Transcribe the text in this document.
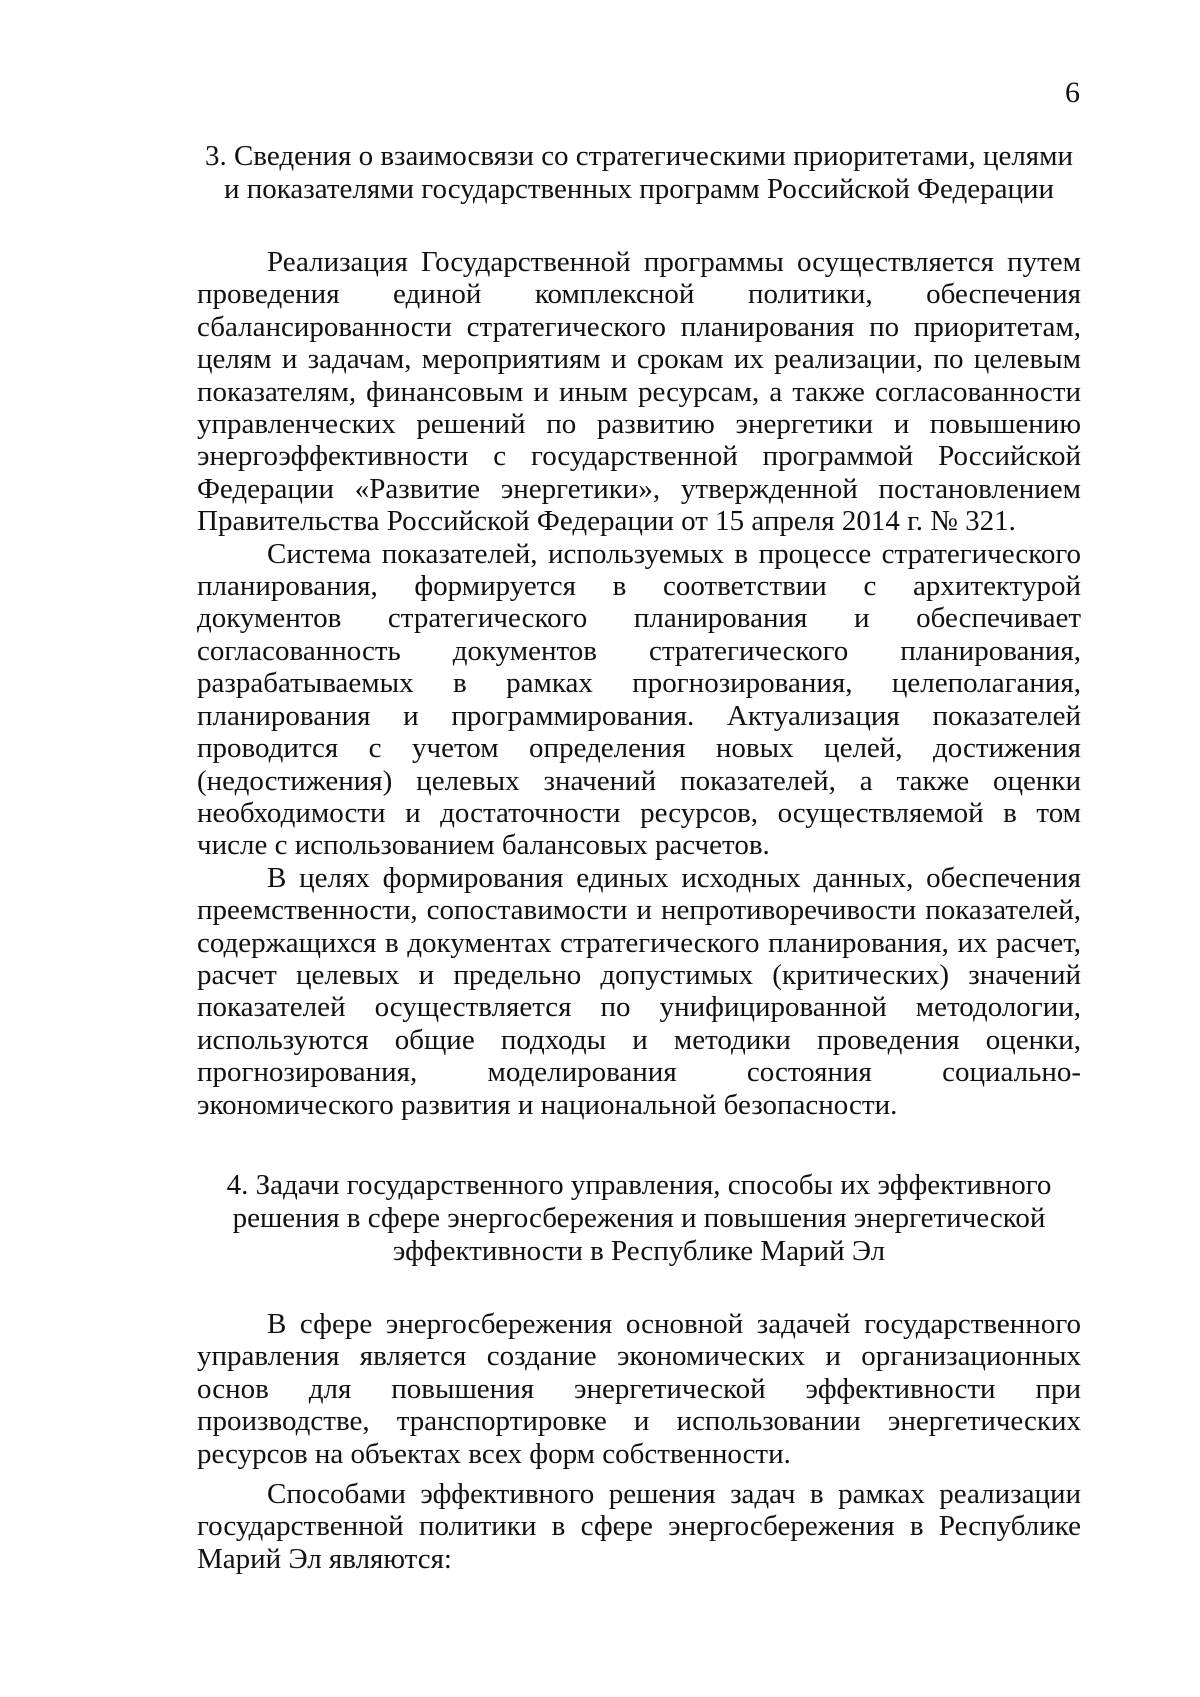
6
3. Сведения о взаимосвязи со стратегическими приоритетами, целями и показателями государственных программ Российской Федерации

Реализация Государственной программы осуществляется путем проведения единой комплексной политики, обеспечения сбалансированности стратегического планирования по приоритетам, целям и задачам, мероприятиям и срокам их реализации, по целевым показателям, финансовым и иным ресурсам, а также согласованности управленческих решений по развитию энергетики и повышению энергоэффективности с государственной программой Российской Федерации «Развитие энергетики», утвержденной постановлением Правительства Российской Федерации от 15 апреля 2014 г. № 321.

Система показателей, используемых в процессе стратегического планирования, формируется в соответствии с архитектурой документов стратегического планирования и обеспечивает согласованность документов стратегического планирования, разрабатываемых в рамках прогнозирования, целеполагания, планирования и программирования. Актуализация показателей проводится с учетом определения новых целей, достижения (недостижения) целевых значений показателей, а также оценки необходимости и достаточности ресурсов, осуществляемой в том числе с использованием балансовых расчетов.

В целях формирования единых исходных данных, обеспечения преемственности, сопоставимости и непротиворечивости показателей, содержащихся в документах стратегического планирования, их расчет, расчет целевых и предельно допустимых (критических) значений показателей осуществляется по унифицированной методологии, используются общие подходы и методики проведения оценки, прогнозирования, моделирования состояния социально-экономического развития и национальной безопасности.

4. Задачи государственного управления, способы их эффективного решения в сфере энергосбережения и повышения энергетической эффективности в Республике Марий Эл

В сфере энергосбережения основной задачей государственного управления является создание экономических и организационных основ для повышения энергетической эффективности при производстве, транспортировке и использовании энергетических ресурсов на объектах всех форм собственности.

Способами эффективного решения задач в рамках реализации государственной политики в сфере энергосбережения в Республике Марий Эл являются:
